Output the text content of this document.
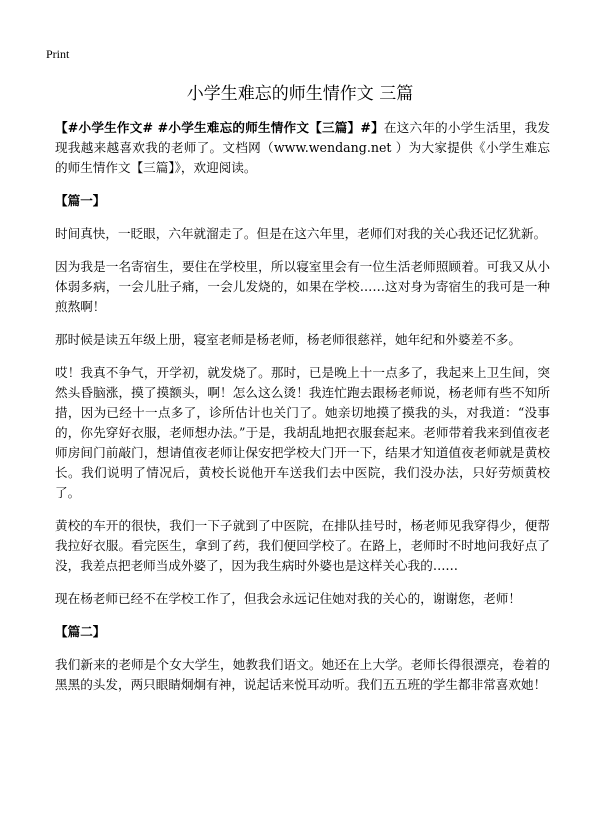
Print
小学生难忘的师生情作文 三篇

【#小学生作文# #小学生难忘的师生情作文【三篇】#】在这六年的小学生活里，我发现我越来越喜欢我的老师了。文档网（www.wendang.net ）为大家提供《小学生难忘的师生情作文【三篇】》，欢迎阅读。

【篇一】

时间真快，一眨眼，六年就溜走了。但是在这六年里，老师们对我的关心我还记忆犹新。

因为我是一名寄宿生，要住在学校里，所以寝室里会有一位生活老师照顾着。可我又从小体弱多病，一会儿肚子痛，一会儿发烧的，如果在学校……这对身为寄宿生的我可是一种煎熬啊！

那时候是读五年级上册，寝室老师是杨老师，杨老师很慈祥，她年纪和外婆差不多。

哎！我真不争气，开学初，就发烧了。那时，已是晚上十一点多了，我起来上卫生间，突然头昏脑涨，摸了摸额头，啊！怎么这么烫！我连忙跑去跟杨老师说，杨老师有些不知所措，因为已经十一点多了，诊所估计也关门了。她亲切地摸了摸我的头，对我道：“没事的，你先穿好衣服，老师想办法。”于是，我胡乱地把衣服套起来。老师带着我来到值夜老师房间门前敲门，想请值夜老师让保安把学校大门开一下，结果才知道值夜老师就是黄校长。我们说明了情况后，黄校长说他开车送我们去中医院，我们没办法，只好劳烦黄校了。

黄校的车开的很快，我们一下子就到了中医院，在排队挂号时，杨老师见我穿得少，便帮我拉好衣服。看完医生，拿到了药，我们便回学校了。在路上，老师时不时地问我好点了没，我差点把老师当成外婆了，因为我生病时外婆也是这样关心我的……

现在杨老师已经不在学校工作了，但我会永远记住她对我的关心的，谢谢您，老师！

【篇二】

我们新来的老师是个女大学生，她教我们语文。她还在上大学。老师长得很漂亮，卷着的黑黑的头发，两只眼睛炯炯有神，说起话来悦耳动听。我们五五班的学生都非常喜欢她！
